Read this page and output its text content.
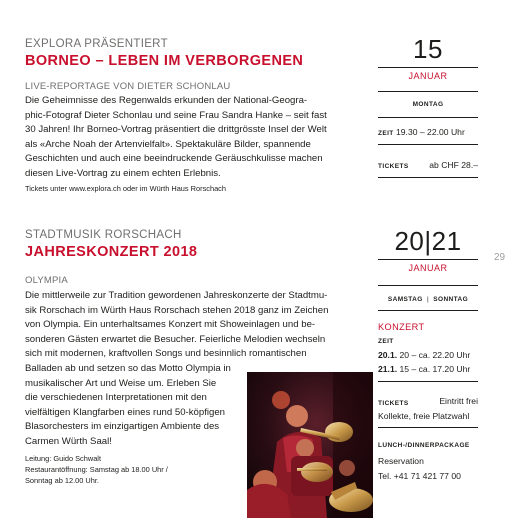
EXPLORA PRÄSENTIERT
BORNEO – LEBEN IM VERBORGENEN
LIVE-REPORTAGE VON DIETER SCHONLAU
Die Geheimnisse des Regenwalds erkunden der National-Geogra-
phic-Fotograf Dieter Schonlau und seine Frau Sandra Hanke – seit fast
30 Jahren! Ihr Borneo-Vortrag präsentiert die drittgrösste Insel der Welt
als «Arche Noah der Artenvielfalt». Spektakuläre Bilder, spannende
Geschichten und auch eine beeindruckende Geräuschkulisse machen
diesen Live-Vortrag zu einem echten Erlebnis.
Tickets unter www.explora.ch oder im Würth Haus Rorschach
15
JANUAR
MONTAG
ZEIT 19.30 – 22.00 Uhr
TICKETS	ab CHF 28.–
STADTMUSIK RORSCHACH
JAHRESKONZERT 2018
OLYMPIA
Die mittlerweile zur Tradition gewordenen Jahreskonzerte der Stadtmu-
sik Rorschach im Würth Haus Rorschach stehen 2018 ganz im Zeichen
von Olympia. Ein unterhaltsames Konzert mit Showeinlagen und be-
sonderen Gästen erwartet die Besucher. Feierliche Melodien wechseln
sich mit modernen, kraftvollen Songs und besinnlich romantischen
Balladen ab und setzen so das Motto Olympia in
musikalischer Art und Weise um. Erleben Sie
die verschiedenen Interpretationen mit den
vielfältigen Klangfarben eines rund 50-köpfigen
Blasorchesters im einzigartigen Ambiente des
Carmen Würth Saal!
Leitung: Guido Schwalt
Restaurantöffnung: Samstag ab 18.00 Uhr /
Sonntag ab 12.00 Uhr.
20|21
JANUAR
SAMSTAG | SONNTAG
KONZERT
ZEIT
20.1. 20 – ca. 22.20 Uhr
21.1. 15 – ca. 17.20 Uhr
TICKETS	Eintritt frei
Kollekte, freie Platzwahl
LUNCH-/DINNERPACKAGE
Reservation
Tel. +41 71 421 77 00
29
